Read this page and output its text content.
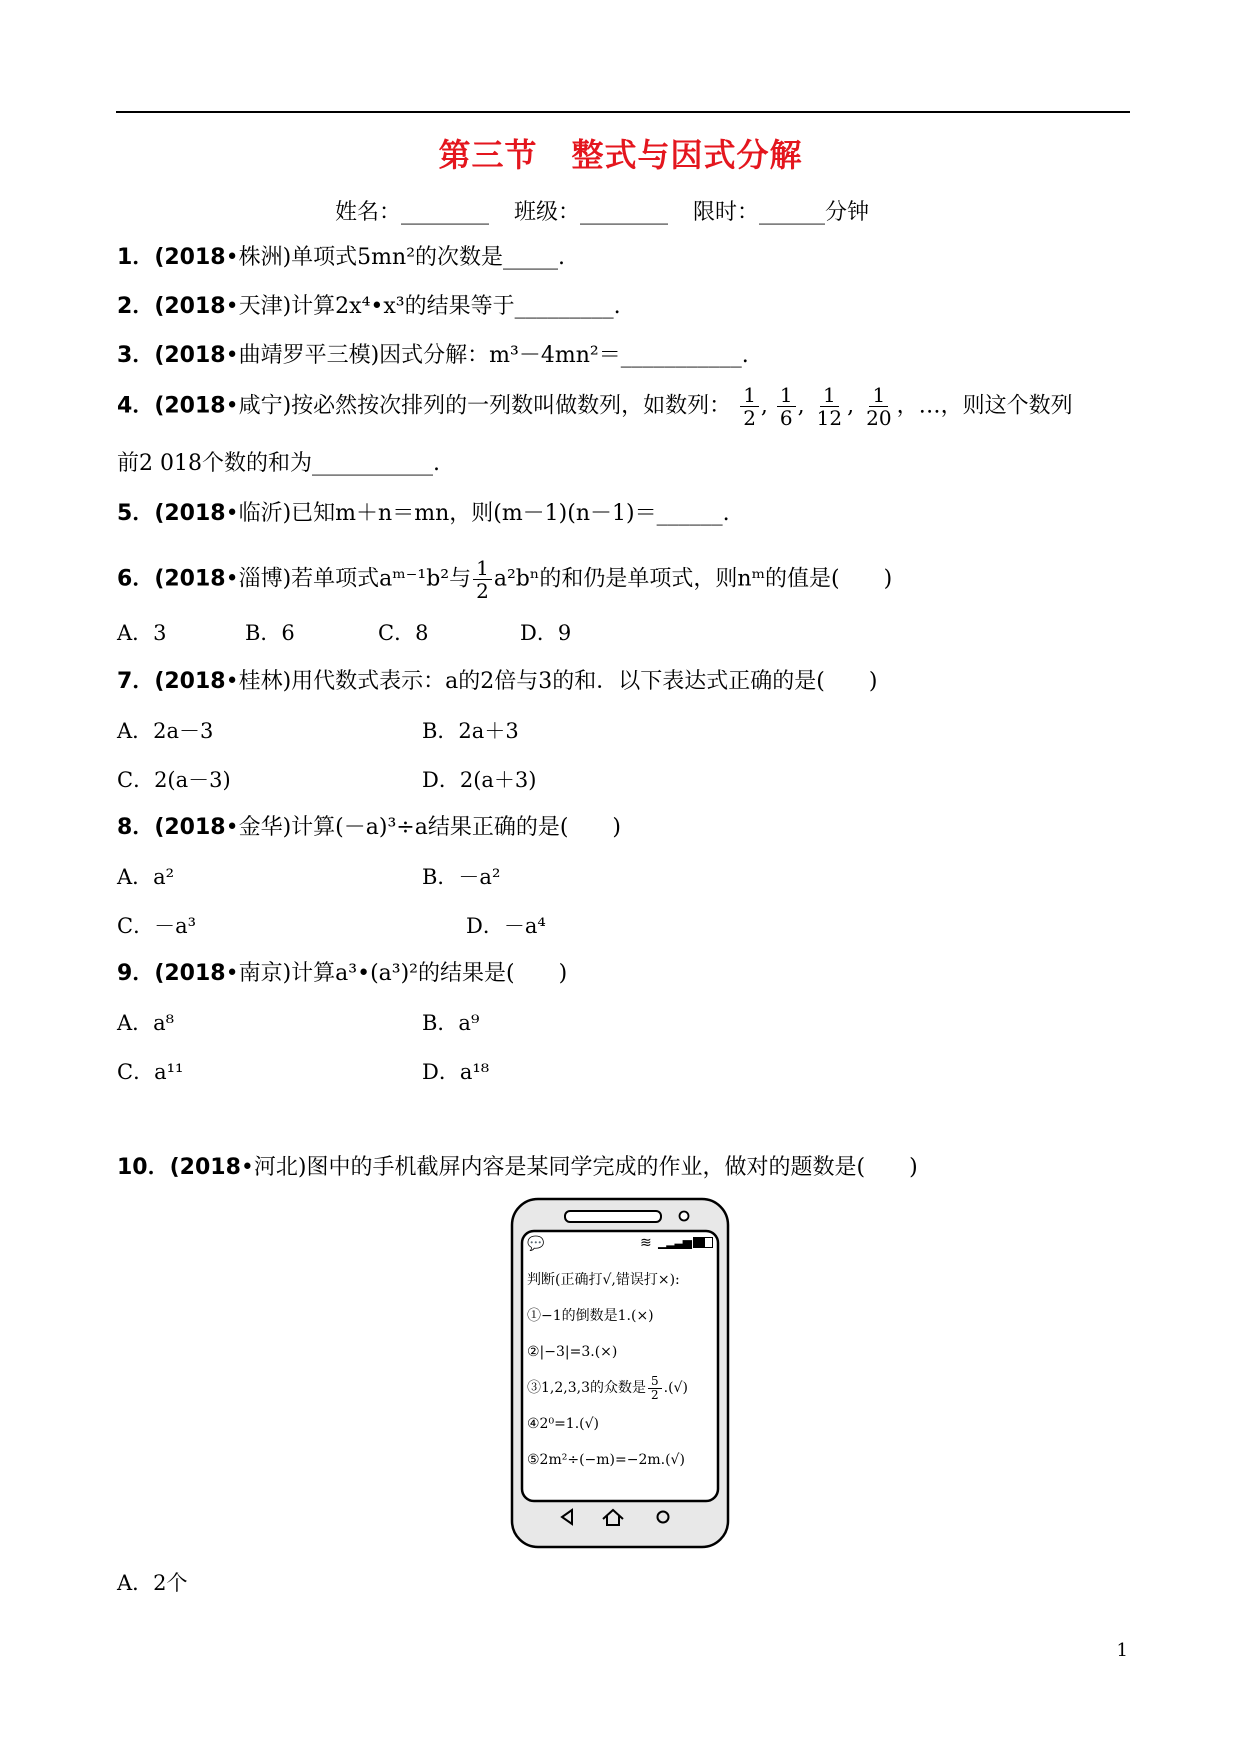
第三节 整式与因式分解
姓名：________ 班级：________ 限时：______分钟
1．(2018•株洲)单项式5mn²的次数是_____.
2．(2018•天津)计算2x⁴•x³的结果等于_________.
3．(2018•曲靖罗平三模)因式分解：m³－4mn²＝___________.
4．(2018•咸宁)按必然按次排列的一列数叫做数列，如数列： $\frac{1}{2}$ , $\frac{1}{6}$ , $\frac{1}{12}$ , $\frac{1}{20}$ ，…，则这个数列
前2 018个数的和为___________.
5．(2018•临沂)已知m＋n＝mn，则(m－1)(n－1)＝______.
6．(2018•淄博)若单项式aᵐ⁻¹b²与 $\frac{1}{2} a^2b^n$的和仍是单项式，则nᵐ的值是(　　)
A．3	B．6	C．8	D．9
7．(2018•桂林)用代数式表示：a的2倍与3的和．以下表达式正确的是(　　)
A．2a－3	B．2a＋3
C．2(a－3)	D．2(a＋3)
8．(2018•金华)计算(－a)³÷a结果正确的是(　　)
A．a²	B．－a²
C．－a³	D．－a⁴
9．(2018•南京)计算a³•(a³)²的结果是(　　)
A．a⁸	B．a⁹
C．a¹¹	D．a¹⁸
10．(2018•河北)图中的手机截屏内容是某同学完成的作业，做对的题数是(　　)
💬	≋ ▁▂▃▅
判断(正确打√,错误打×):
①−1的倒数是1.(×)
②|−3|=3.(×)
③1,2,3,3的众数是 $\frac{5}{2}$ .(√)
④2⁰=1.(√)
⑤2m²÷(−m)=−2m.(√)
A．2个
1
